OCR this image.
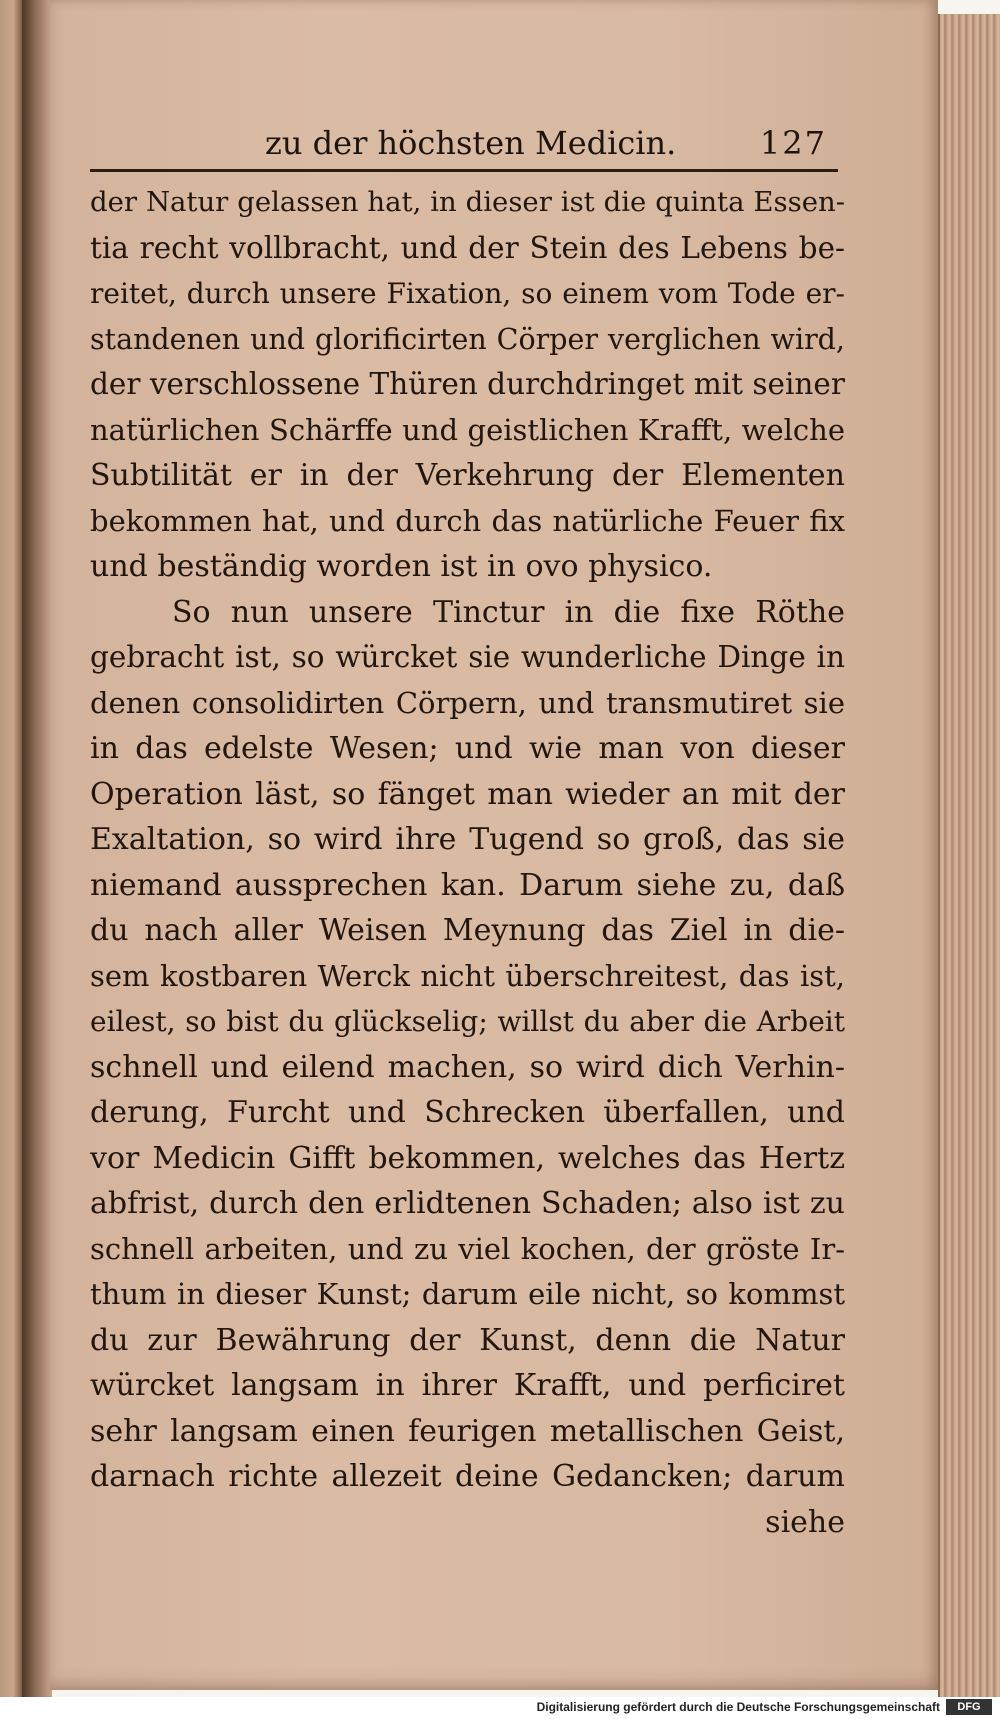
zu der höchsten Medicin.	127
der Natur gelassen hat, in dieser ist die quinta Essen-
tia recht vollbracht, und der Stein des Lebens be-
reitet, durch unsere Fixation, so einem vom Tode er-
standenen und glorificirten Cörper verglichen wird,
der verschlossene Thüren durchdringet mit seiner
natürlichen Schärffe und geistlichen Krafft, welche
Subtilität er in der Verkehrung der Elementen
bekommen hat, und durch das natürliche Feuer fix
und beständig worden ist in ovo physico.
So nun unsere Tinctur in die fixe Röthe
gebracht ist, so würcket sie wunderliche Dinge in
denen consolidirten Cörpern, und transmutiret sie
in das edelste Wesen; und wie man von dieser
Operation läst, so fänget man wieder an mit der
Exaltation, so wird ihre Tugend so groß, das sie
niemand aussprechen kan. Darum siehe zu, daß
du nach aller Weisen Meynung das Ziel in die-
sem kostbaren Werck nicht überschreitest, das ist,
eilest, so bist du glückselig; willst du aber die Arbeit
schnell und eilend machen, so wird dich Verhin-
derung, Furcht und Schrecken überfallen, und
vor Medicin Gifft bekommen, welches das Hertz
abfrist, durch den erlidtenen Schaden; also ist zu
schnell arbeiten, und zu viel kochen, der gröste Ir-
thum in dieser Kunst; darum eile nicht, so kommst
du zur Bewährung der Kunst, denn die Natur
würcket langsam in ihrer Krafft, und perficiret
sehr langsam einen feurigen metallischen Geist,
darnach richte allezeit deine Gedancken; darum
siehe
Digitalisierung gefördert durch die Deutsche Forschungsgemeinschaft	DFG
